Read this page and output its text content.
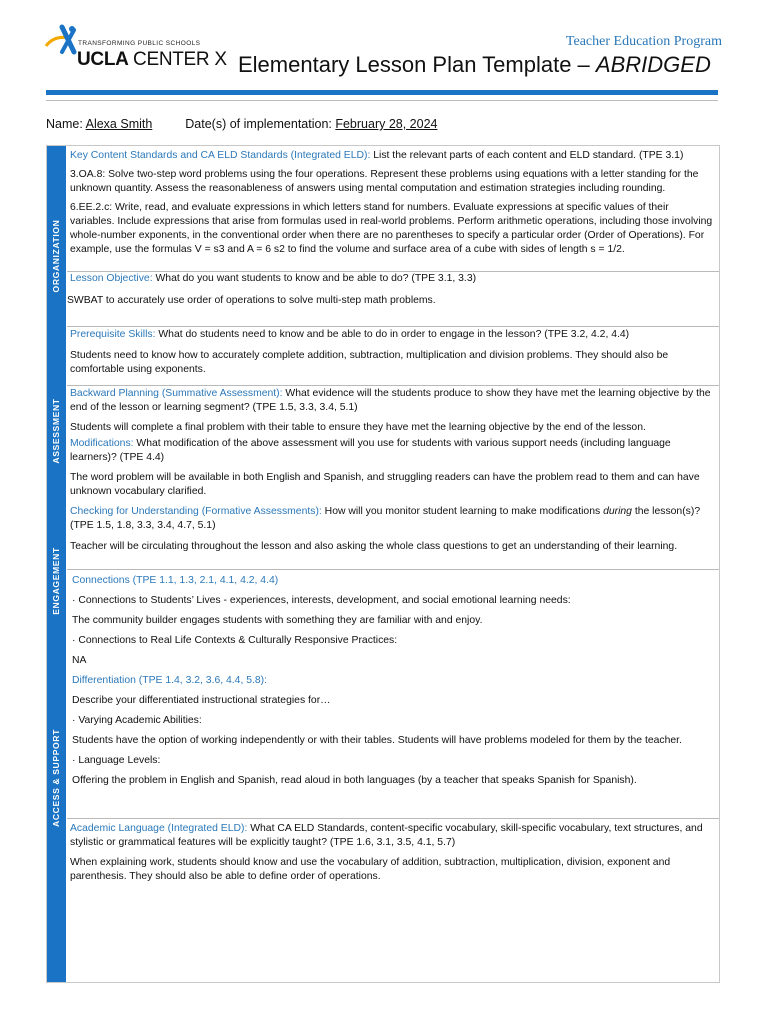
TRANSFORMING PUBLIC SCHOOLS
UCLA CENTER X
Teacher Education Program
Elementary Lesson Plan Template – ABRIDGED
Name: Alexa Smith	Date(s) of implementation: February 28, 2024
ORGANIZATION
ASSESSMENT
ENGAGEMENT
ACCESS & SUPPORT

Key Content Standards and CA ELD Standards (Integrated ELD): List the relevant parts of each content and ELD standard. (TPE 3.1)

3.OA.8: Solve two-step word problems using the four operations. Represent these problems using equations with a letter standing for the unknown quantity. Assess the reasonableness of answers using mental computation and estimation strategies including rounding.

6.EE.2.c: Write, read, and evaluate expressions in which letters stand for numbers. Evaluate expressions at specific values of their variables. Include expressions that arise from formulas used in real-world problems. Perform arithmetic operations, including those involving whole-number exponents, in the conventional order when there are no parentheses to specify a particular order (Order of Operations). For example, use the formulas V = s3 and A = 6 s2 to find the volume and surface area of a cube with sides of length s = 1/2.

Lesson Objective: What do you want students to know and be able to do? (TPE 3.1, 3.3)

SWBAT to accurately use order of operations to solve multi-step math problems.

Prerequisite Skills: What do students need to know and be able to do in order to engage in the lesson? (TPE 3.2, 4.2, 4.4)

Students need to know how to accurately complete addition, subtraction, multiplication and division problems. They should also be comfortable using exponents.

Backward Planning (Summative Assessment): What evidence will the students produce to show they have met the learning objective by the end of the lesson or learning segment? (TPE 1.5, 3.3, 3.4, 5.1)

Students will complete a final problem with their table to ensure they have met the learning objective by the end of the lesson.

Modifications: What modification of the above assessment will you use for students with various support needs (including language learners)? (TPE 4.4)

The word problem will be available in both English and Spanish, and struggling readers can have the problem read to them and can have unknown vocabulary clarified.

Checking for Understanding (Formative Assessments): How will you monitor student learning to make modifications during the lesson(s)? (TPE 1.5, 1.8, 3.3, 3.4, 4.7, 5.1)

Teacher will be circulating throughout the lesson and also asking the whole class questions to get an understanding of their learning.

Connections (TPE 1.1, 1.3, 2.1, 4.1, 4.2, 4.4)

· Connections to Students’ Lives - experiences, interests, development, and social emotional learning needs:

The community builder engages students with something they are familiar with and enjoy.

· Connections to Real Life Contexts & Culturally Responsive Practices:

NA

Differentiation (TPE 1.4, 3.2, 3.6, 4.4, 5.8):

Describe your differentiated instructional strategies for…

· Varying Academic Abilities:

Students have the option of working independently or with their tables. Students will have problems modeled for them by the teacher.

· Language Levels:

Offering the problem in English and Spanish, read aloud in both languages (by a teacher that speaks Spanish for Spanish).

Academic Language (Integrated ELD): What CA ELD Standards, content-specific vocabulary, skill-specific vocabulary, text structures, and stylistic or grammatical features will be explicitly taught? (TPE 1.6, 3.1, 3.5, 4.1, 5.7)

When explaining work, students should know and use the vocabulary of addition, subtraction, multiplication, division, exponent and parenthesis. They should also be able to define order of operations.
